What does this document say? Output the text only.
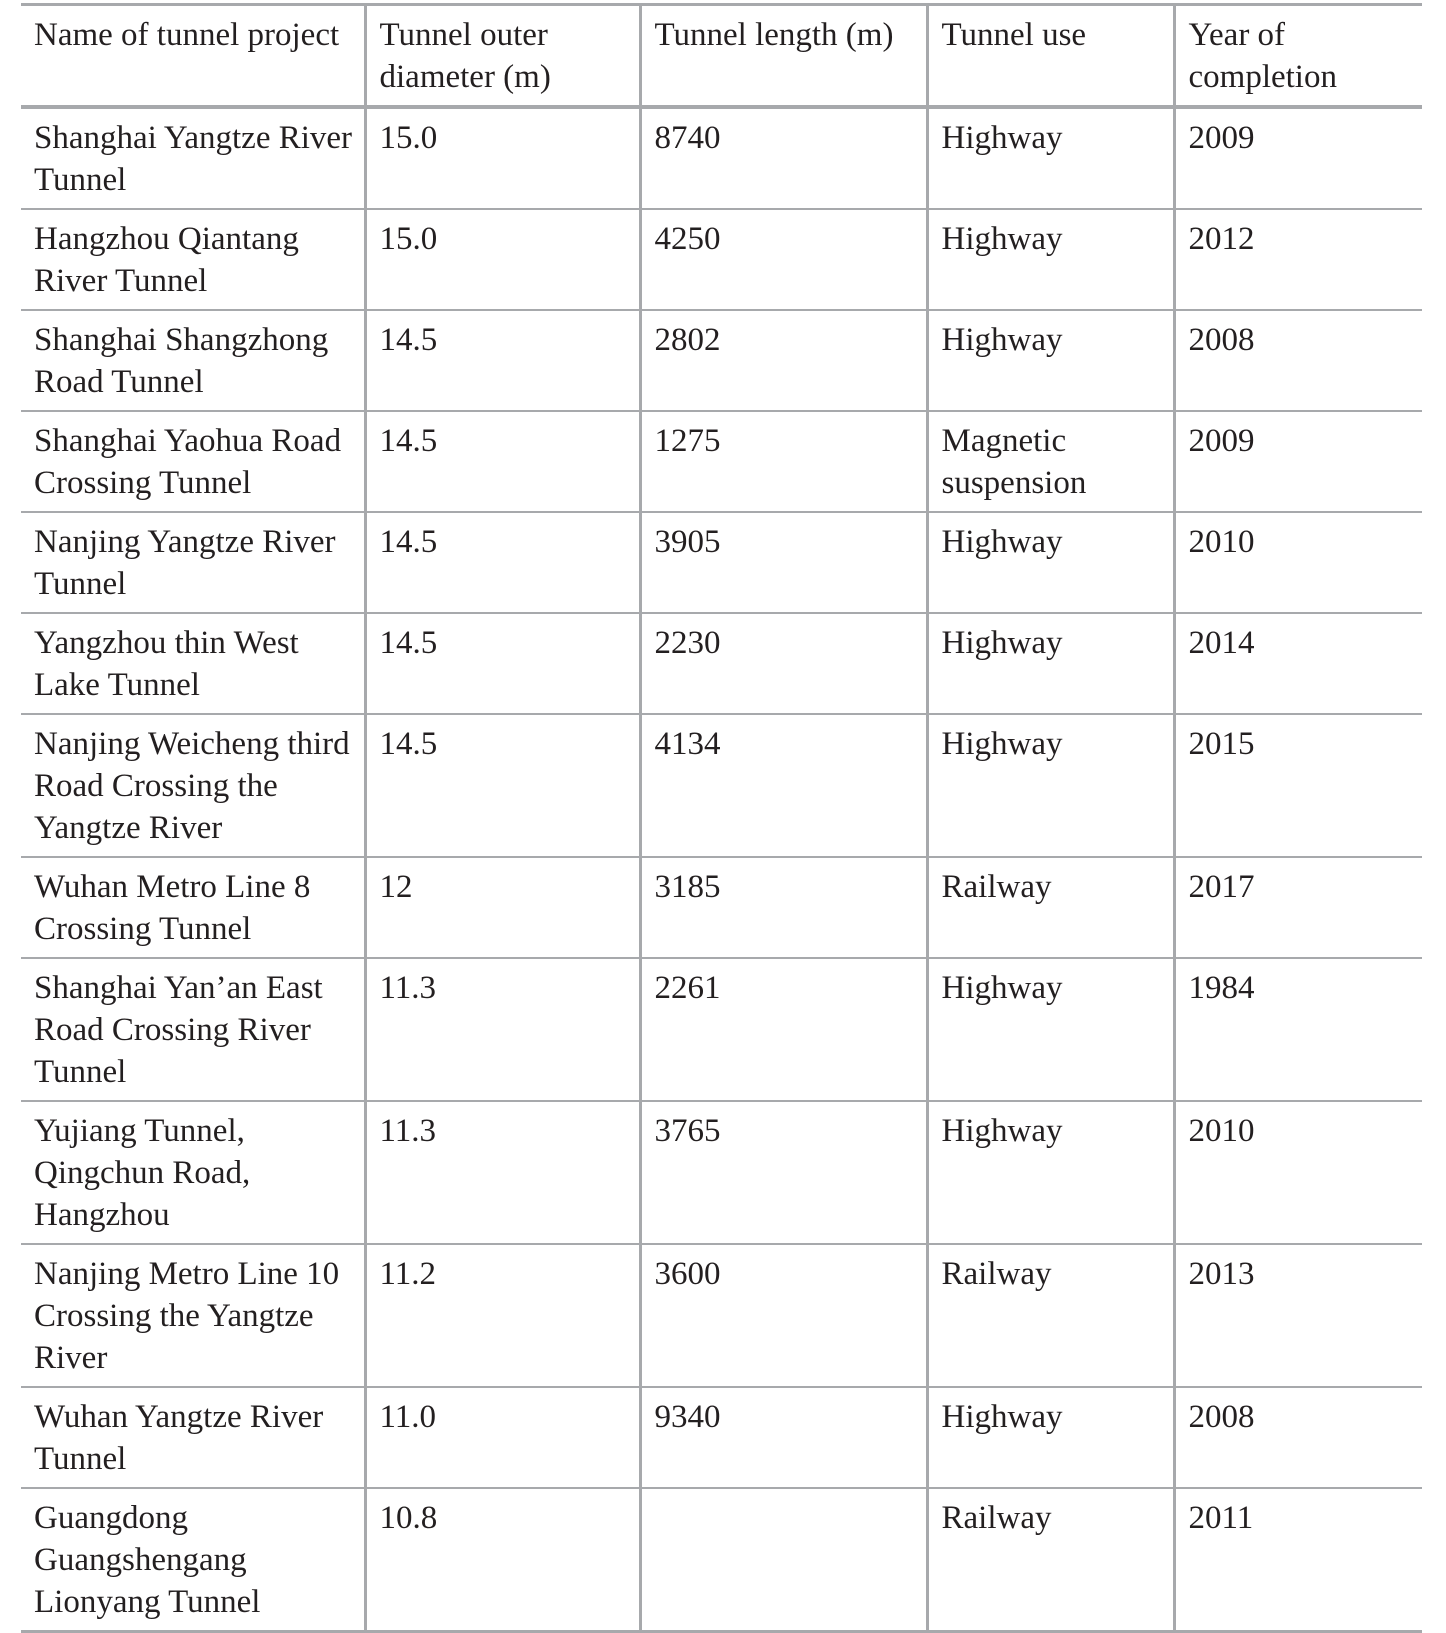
Name of tunnel project	Tunnel outer diameter (m)	Tunnel length (m)	Tunnel use	Year of completion
Shanghai Yangtze River Tunnel	15.0	8740	Highway	2009
Hangzhou Qiantang River Tunnel	15.0	4250	Highway	2012
Shanghai Shangzhong Road Tunnel	14.5	2802	Highway	2008
Shanghai Yaohua Road Crossing Tunnel	14.5	1275	Magnetic suspension	2009
Nanjing Yangtze River Tunnel	14.5	3905	Highway	2010
Yangzhou thin West Lake Tunnel	14.5	2230	Highway	2014
Nanjing Weicheng third Road Crossing the Yangtze River	14.5	4134	Highway	2015
Wuhan Metro Line 8 Crossing Tunnel	12	3185	Railway	2017
Shanghai Yan’an East Road Crossing River Tunnel	11.3	2261	Highway	1984
Yujiang Tunnel, Qingchun Road, Hangzhou	11.3	3765	Highway	2010
Nanjing Metro Line 10 Crossing the Yangtze River	11.2	3600	Railway	2013
Wuhan Yangtze River Tunnel	11.0	9340	Highway	2008
Guangdong Guangshengang Lionyang Tunnel	10.8		Railway	2011
